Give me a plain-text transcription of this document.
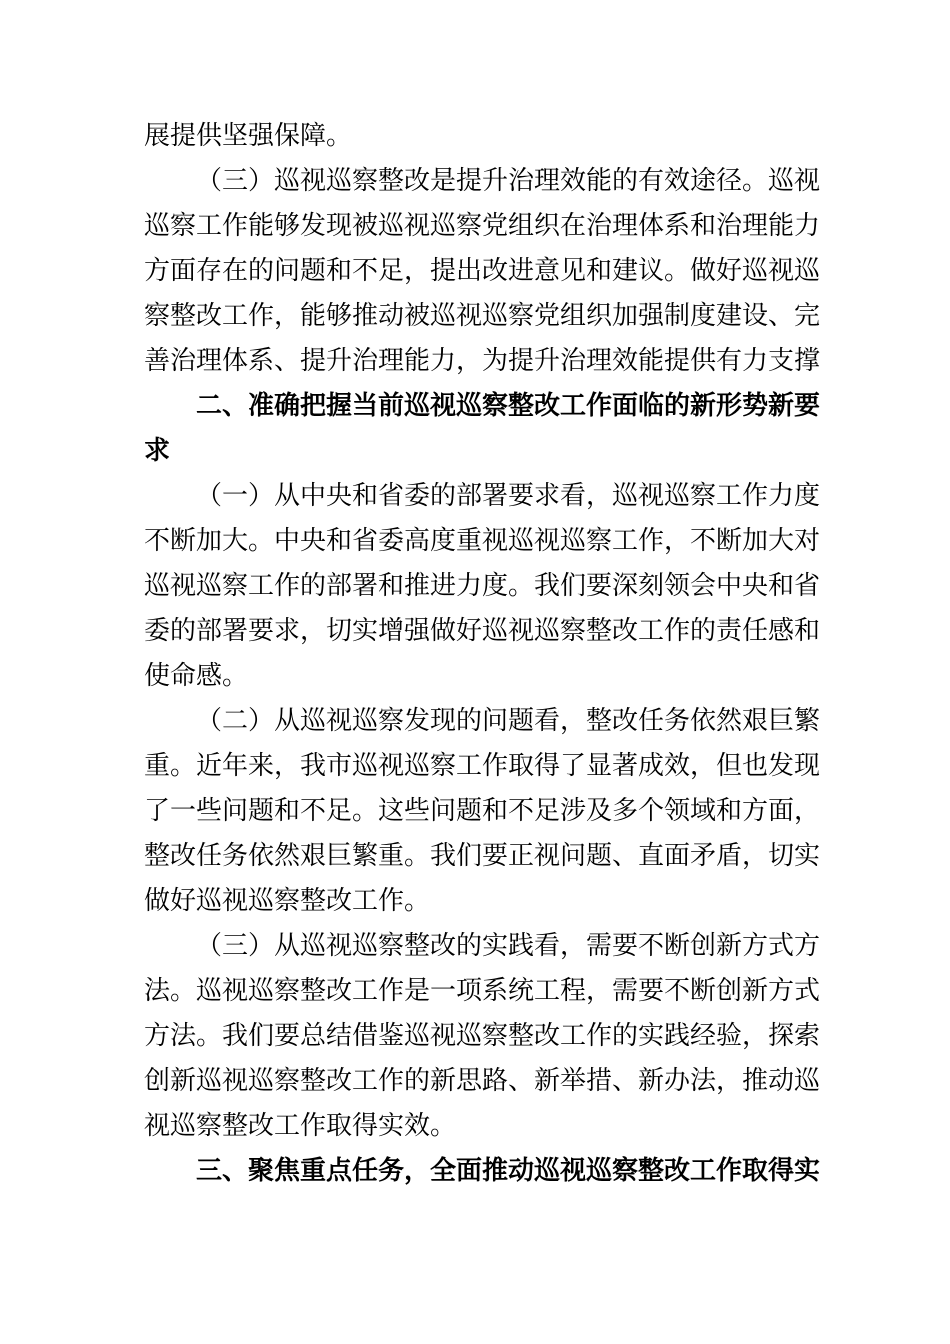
展提供坚强保障。
（三）巡视巡察整改是提升治理效能的有效途径。巡视
巡察工作能够发现被巡视巡察党组织在治理体系和治理能力
方面存在的问题和不足，提出改进意见和建议。做好巡视巡
察整改工作，能够推动被巡视巡察党组织加强制度建设、完
善治理体系、提升治理能力，为提升治理效能提供有力支撑
二、准确把握当前巡视巡察整改工作面临的新形势新要
求
（一）从中央和省委的部署要求看，巡视巡察工作力度
不断加大。中央和省委高度重视巡视巡察工作，不断加大对
巡视巡察工作的部署和推进力度。我们要深刻领会中央和省
委的部署要求，切实增强做好巡视巡察整改工作的责任感和
使命感。
（二）从巡视巡察发现的问题看，整改任务依然艰巨繁
重。近年来，我市巡视巡察工作取得了显著成效，但也发现
了一些问题和不足。这些问题和不足涉及多个领域和方面，
整改任务依然艰巨繁重。我们要正视问题、直面矛盾，切实
做好巡视巡察整改工作。
（三）从巡视巡察整改的实践看，需要不断创新方式方
法。巡视巡察整改工作是一项系统工程，需要不断创新方式
方法。我们要总结借鉴巡视巡察整改工作的实践经验，探索
创新巡视巡察整改工作的新思路、新举措、新办法，推动巡
视巡察整改工作取得实效。
三、聚焦重点任务，全面推动巡视巡察整改工作取得实
